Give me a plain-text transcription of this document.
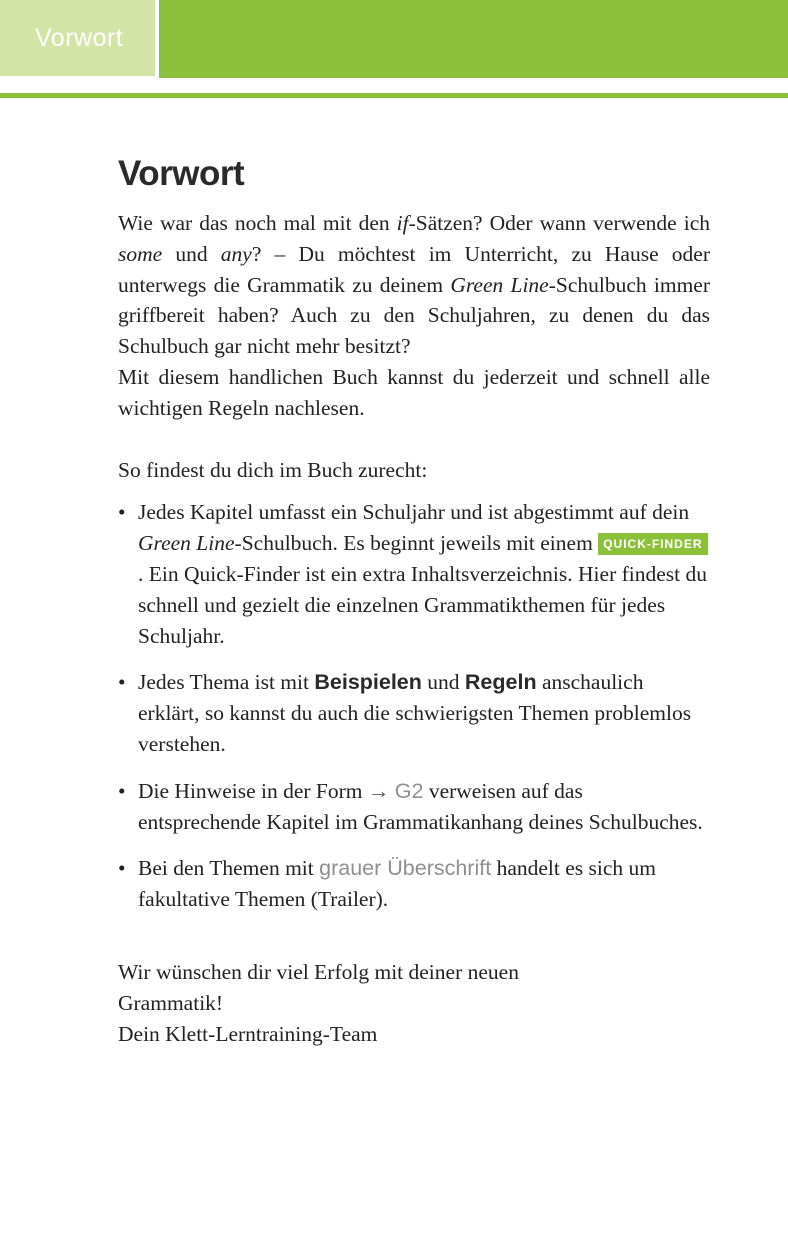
Vorwort
Vorwort

Wie war das noch mal mit den if-Sätzen? Oder wann verwende ich some und any? – Du möchtest im Unterricht, zu Hause oder unterwegs die Grammatik zu deinem Green Line-Schulbuch immer griffbereit haben? Auch zu den Schuljahren, zu denen du das Schulbuch gar nicht mehr besitzt?

Mit diesem handlichen Buch kannst du jederzeit und schnell alle wichtigen Regeln nachlesen.

So findest du dich im Buch zurecht:

• Jedes Kapitel umfasst ein Schuljahr und ist abgestimmt auf dein Green Line-Schulbuch. Es beginnt jeweils mit einem QUICK-FINDER. Ein Quick-Finder ist ein extra Inhaltsverzeichnis. Hier findest du schnell und gezielt die einzelnen Grammatikthemen für jedes Schuljahr.
• Jedes Thema ist mit Beispielen und Regeln anschaulich erklärt, so kannst du auch die schwierigsten Themen problemlos verstehen.
• Die Hinweise in der Form → G2 verweisen auf das entsprechende Kapitel im Grammatikanhang deines Schulbuches.
• Bei den Themen mit grauer Überschrift handelt es sich um fakultative Themen (Trailer).

Wir wünschen dir viel Erfolg mit deiner neuen Grammatik!

Dein Klett-Lerntraining-Team
